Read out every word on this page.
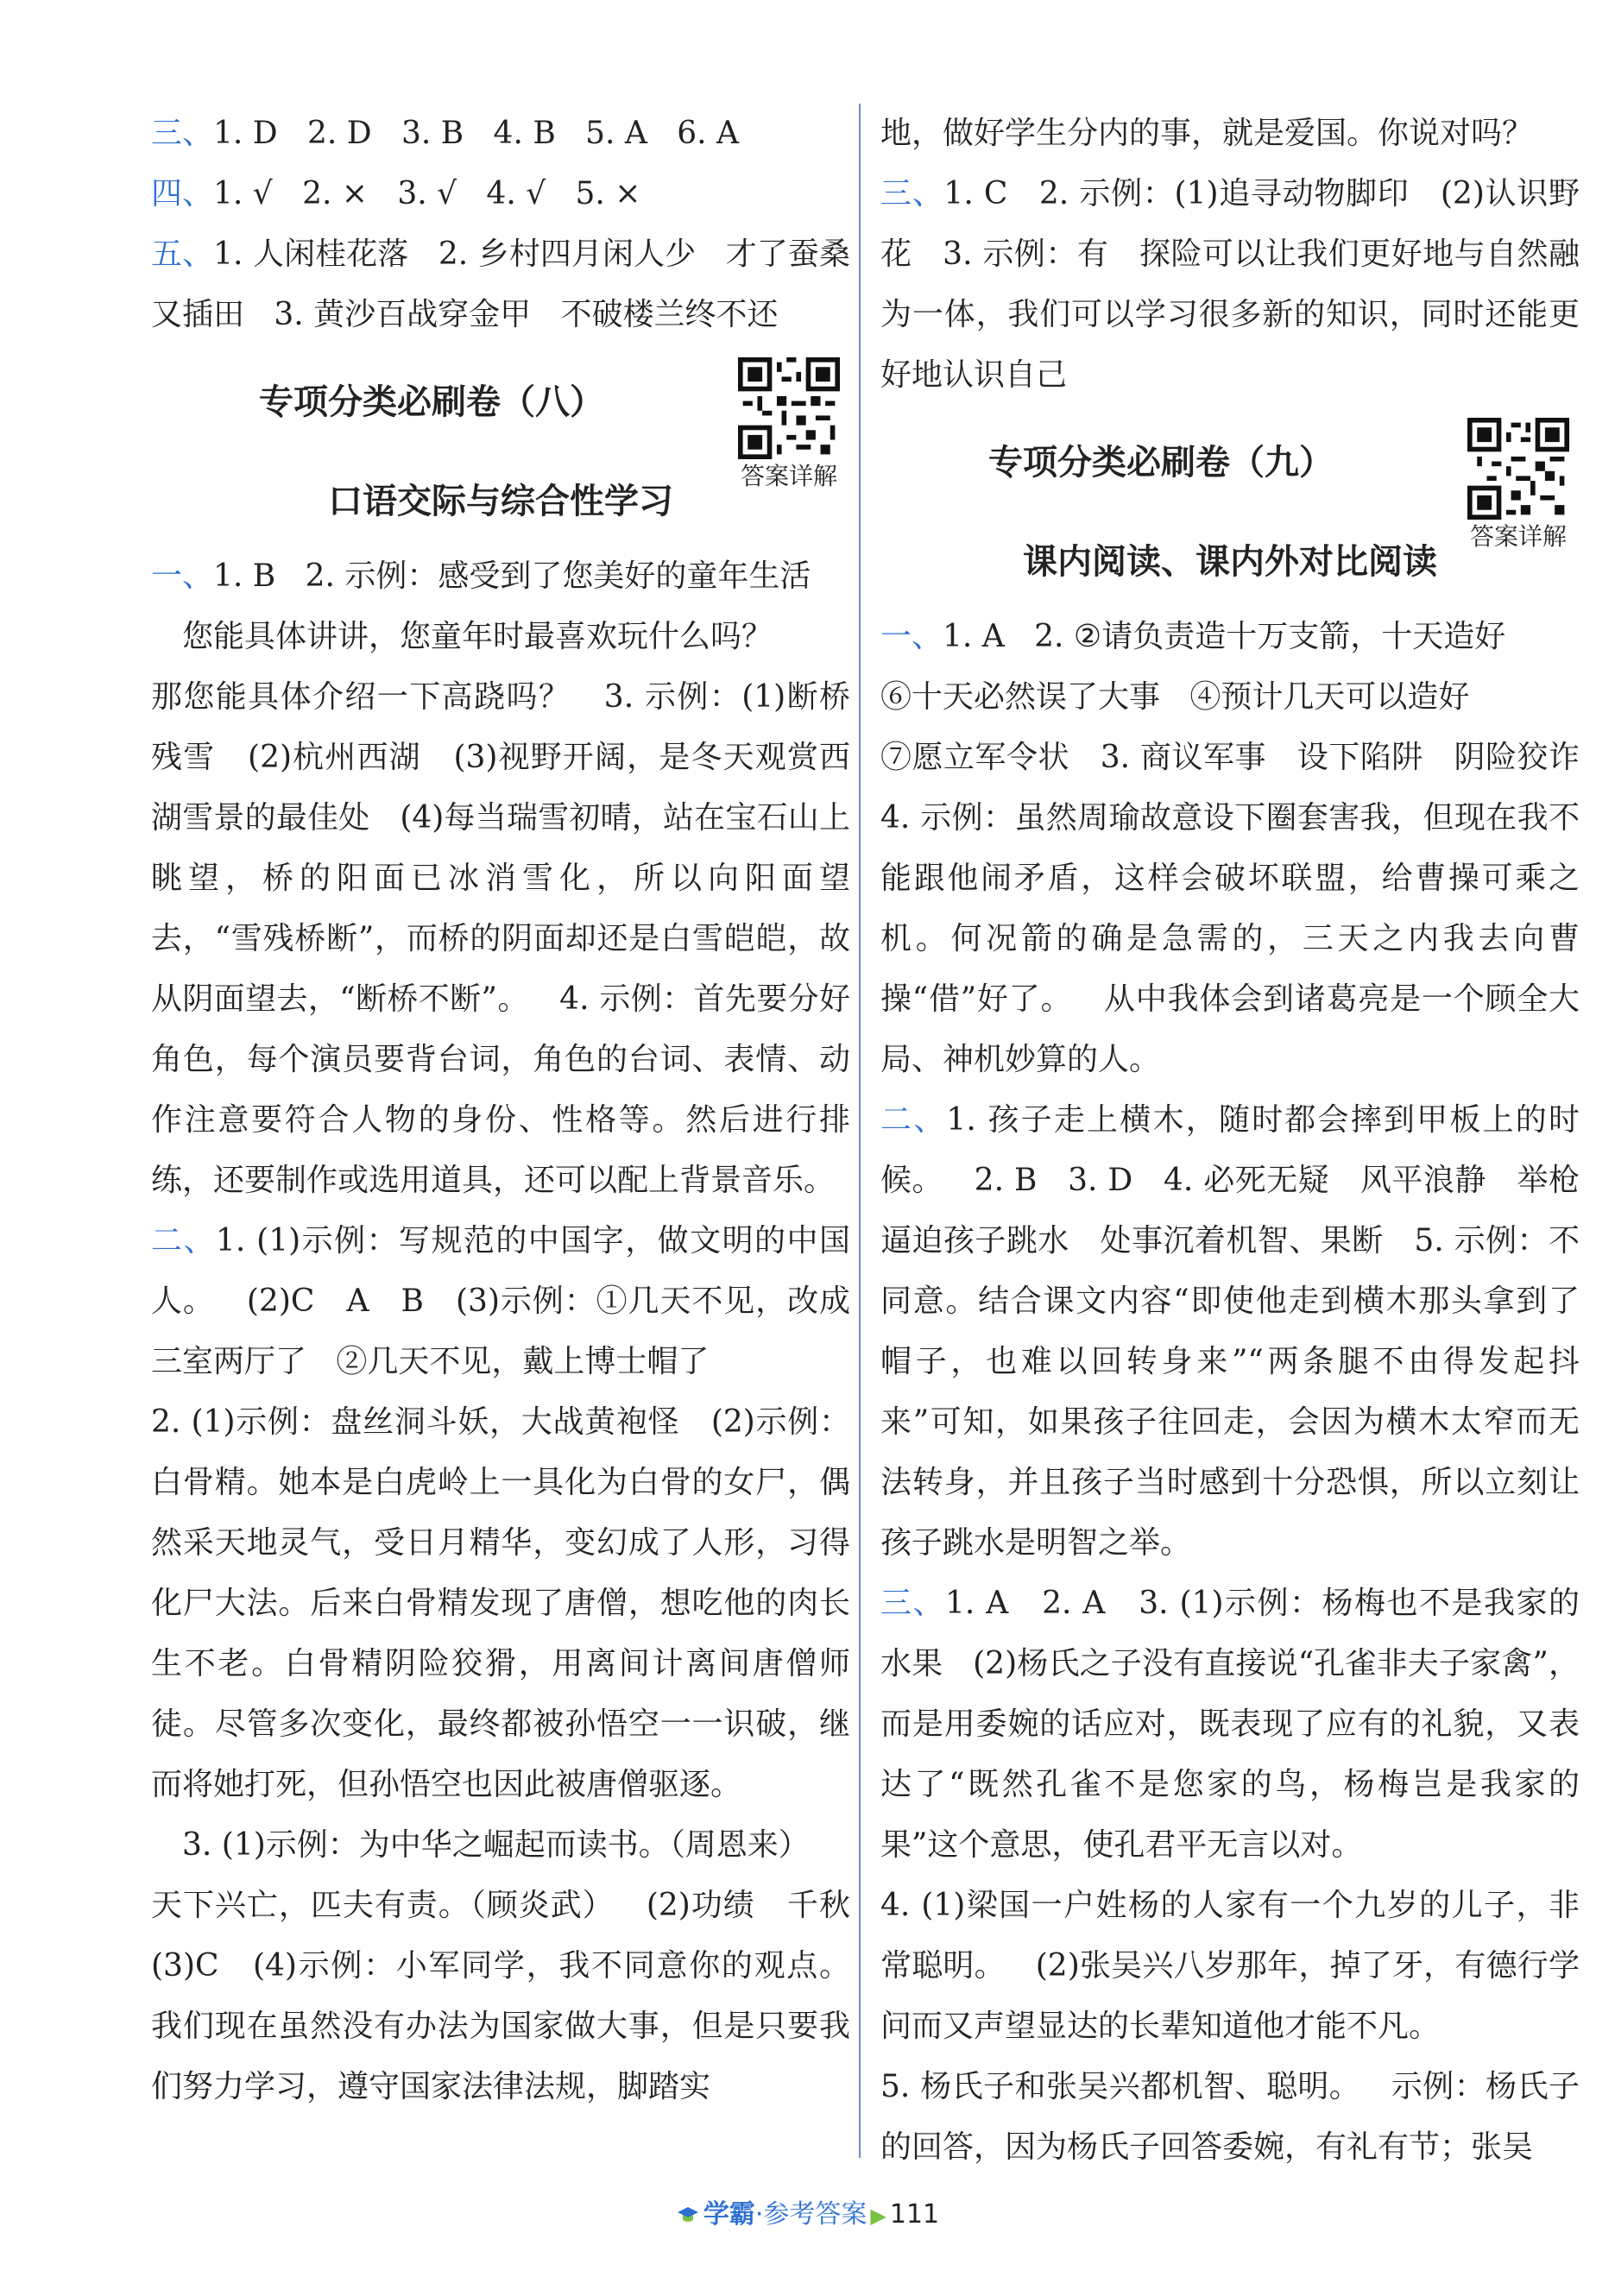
三、1. D   2. D   3. B   4. B   5. A   6. A

四、1. √   2. ×   3. √   4. √   5. ×

五、1. 人闲桂花落   2. 乡村四月闲人少   才了蚕桑又插田   3. 黄沙百战穿金甲   不破楼兰终不还

专项分类必刷卷（八）
答案详解
口语交际与综合性学习

一、1. B   2. 示例：感受到了您美好的童年生活

您能具体讲讲，您童年时最喜欢玩什么吗？

那您能具体介绍一下高跷吗？   3. 示例：(1)断桥残雪   (2)杭州西湖   (3)视野开阔，是冬天观赏西湖雪景的最佳处   (4)每当瑞雪初晴，站在宝石山上眺望，桥的阳面已冰消雪化，所以向阳面望去，“雪残桥断”，而桥的阴面却还是白雪皑皑，故从阴面望去，“断桥不断”。   4. 示例：首先要分好角色，每个演员要背台词，角色的台词、表情、动作注意要符合人物的身份、性格等。然后进行排练，还要制作或选用道具，还可以配上背景音乐。

二、1. (1)示例：写规范的中国字，做文明的中国人。   (2)C   A   B   (3)示例：①几天不见，改成三室两厅了   ②几天不见，戴上博士帽了

2. (1)示例：盘丝洞斗妖，大战黄袍怪   (2)示例：白骨精。她本是白虎岭上一具化为白骨的女尸，偶然采天地灵气，受日月精华，变幻成了人形，习得化尸大法。后来白骨精发现了唐僧，想吃他的肉长生不老。白骨精阴险狡猾，用离间计离间唐僧师徒。尽管多次变化，最终都被孙悟空一一识破，继而将她打死，但孙悟空也因此被唐僧驱逐。

3. (1)示例：为中华之崛起而读书。（周恩来）

天下兴亡，匹夫有责。（顾炎武）   (2)功绩   千秋   (3)C   (4)示例：小军同学，我不同意你的观点。我们现在虽然没有办法为国家做大事，但是只要我们努力学习，遵守国家法律法规，脚踏实

地，做好学生分内的事，就是爱国。你说对吗？

三、1. C   2. 示例：(1)追寻动物脚印   (2)认识野花   3. 示例：有   探险可以让我们更好地与自然融为一体，我们可以学习很多新的知识，同时还能更好地认识自己

专项分类必刷卷（九）
答案详解
课内阅读、课内外对比阅读

一、1. A   2. ②请负责造十万支箭，十天造好

⑥十天必然误了大事   ④预计几天可以造好

⑦愿立军令状   3. 商议军事   设下陷阱   阴险狡诈   4. 示例：虽然周瑜故意设下圈套害我，但现在我不能跟他闹矛盾，这样会破坏联盟，给曹操可乘之机。何况箭的确是急需的，三天之内我去向曹操“借”好了。   从中我体会到诸葛亮是一个顾全大局、神机妙算的人。

二、1. 孩子走上横木，随时都会摔到甲板上的时候。   2. B   3. D   4. 必死无疑   风平浪静   举枪逼迫孩子跳水   处事沉着机智、果断   5. 示例：不同意。结合课文内容“即使他走到横木那头拿到了帽子，也难以回转身来”“两条腿不由得发起抖来”可知，如果孩子往回走，会因为横木太窄而无法转身，并且孩子当时感到十分恐惧，所以立刻让孩子跳水是明智之举。

三、1. A   2. A   3. (1)示例：杨梅也不是我家的水果   (2)杨氏之子没有直接说“孔雀非夫子家禽”，而是用委婉的话应对，既表现了应有的礼貌，又表达了“既然孔雀不是您家的鸟，杨梅岂是我家的果”这个意思，使孔君平无言以对。

4. (1)梁国一户姓杨的人家有一个九岁的儿子，非常聪明。   (2)张吴兴八岁那年，掉了牙，有德行学问而又声望显达的长辈知道他才能不凡。

5. 杨氏子和张吴兴都机智、聪明。   示例：杨氏子的回答，因为杨氏子回答委婉，有礼有节；张吴

学霸·参考答案 ▶ 111
